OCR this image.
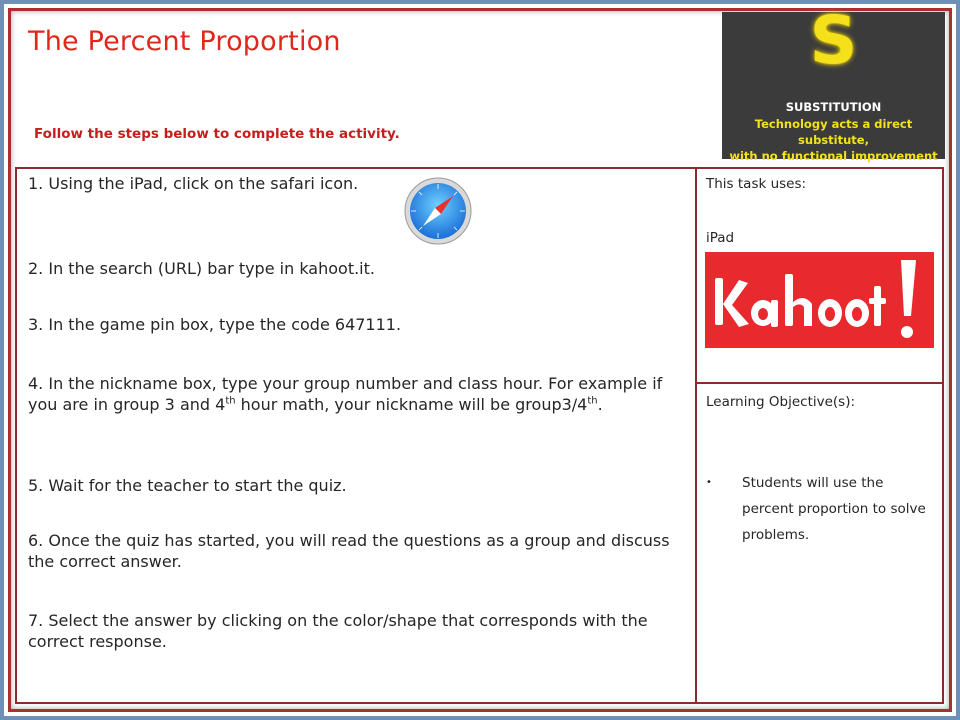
The Percent Proportion
Follow the steps below to complete the activity.
S
SUBSTITUTION
Technology acts a direct substitute,
with no functional improvement
1. Using the iPad, click on the safari icon.
2. In the search (URL) bar type in kahoot.it.
3. In the game pin box, type the code 647111.
4. In the nickname box, type your group number and class hour. For example if you are in group 3 and 4th hour math, your nickname will be group3/4th.
5. Wait for the teacher to start the quiz.
6. Once the quiz has started, you will read the questions as a group and discuss the correct answer.
7. Select the answer by clicking on the color/shape that corresponds with the correct response.
This task uses:
iPad
Learning Objective(s):
• Students will use the percent proportion to solve problems.
